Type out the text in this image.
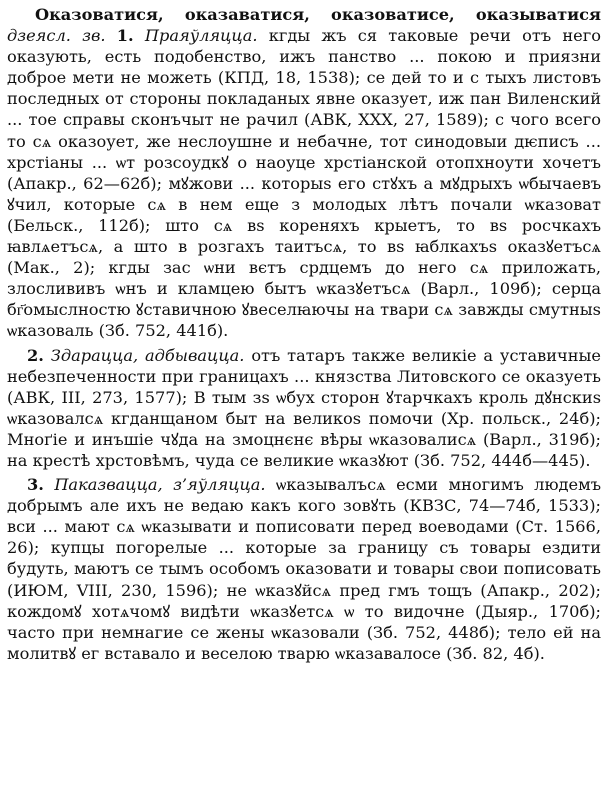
Оказоватися, оказаватися, оказоватисе, оказыватися дзеясл. зв. 1. Праяўляцца. кгды жъ ся таковые речи отъ него оказують, есть подобенство, ижъ панство ... покою и приязни доброе мети не можеть (КПД, 18, 1538); се дей то и с тыхъ листовъ последных от стороны покладаных явне оказует, иж пан Виленский ... тое справы сконъчыт не рачил (АВК, XXX, 27, 1589); с чого всего то сѧ оказоует, же неслоушне и небачне, тот синодовыи дѥписъ ... хрстіаны ... ѡт розсоудкꙋ о наоуце хрстіанской отопхноути хочетъ (Апакр., 62—62б); мꙋжови ... которыs его стꙋхъ а мꙋдрыхъ ѡбычаевъ ꙋчил, которые сѧ в нем еще з молодых лѣтъ почали ѡказоват (Бельск., 112б); што сѧ вs кореняхъ крыетъ, то вs росчкахъ ꙗвлѧетъсѧ, а што в розгахъ таитъсѧ, то вs ꙗблкахъs оказꙋетъсѧ (Мак., 2); кгды зас ѡни вєтъ срдцемъ до него сѧ приложать, злослививъ ѡнъ и кламцею бытъ ѡказꙋетъсѧ (Варл., 109б); серца бг҃омыслностю ꙋставичною ꙋвеселꙗючы на твари сѧ завжды смутныs ѡказоваль (Зб. 752, 441б).

2. Здарацца, адбывацца. отъ татаръ также великіе а уставичные небезпеченности при границахъ ... князства Литовского се оказуеть (АВК, III, 273, 1577); В тым зs ѡбух сторон ꙋтарчкахъ кроль дꙋнскиs ѡказовалсѧ кгданщаном быт на великоs помочи (Хр. польск., 24б); Мноґіе и инъшіе чꙋда на змоцнєнє вѣры ѡказовалисѧ (Варл., 319б); на крестѣ хрстовѣмъ, чуда се великие ѡказꙋют (Зб. 752, 444б—445).

3. Паказвацца, з’яўляцца. ѡказывалъсѧ есми многимъ людемъ добрымъ але ихъ не ведаю какъ кого зовꙋть (КВЗС, 74—74б, 1533); вси ... мают сѧ ѡказывати и пописовати перед воеводами (Ст. 1566, 26); купцы погорелые ... которые за границу съ товары ездити будуть, маютъ се тымъ особомъ оказовати и товары свои пописовать (ИЮМ, VIII, 230, 1596); не ѡказꙋйсѧ пред гмъ тощъ (Апакр., 202); кождомꙋ хотѧчомꙋ видѣти ѡказꙋетсѧ ѡ то видочне (Дыяр., 170б); часто при немнагие се жены ѡказовали (Зб. 752, 448б); тело ей на молитвꙋ ег вставало и веселою тварю ѡказавалосе (Зб. 82, 4б).
